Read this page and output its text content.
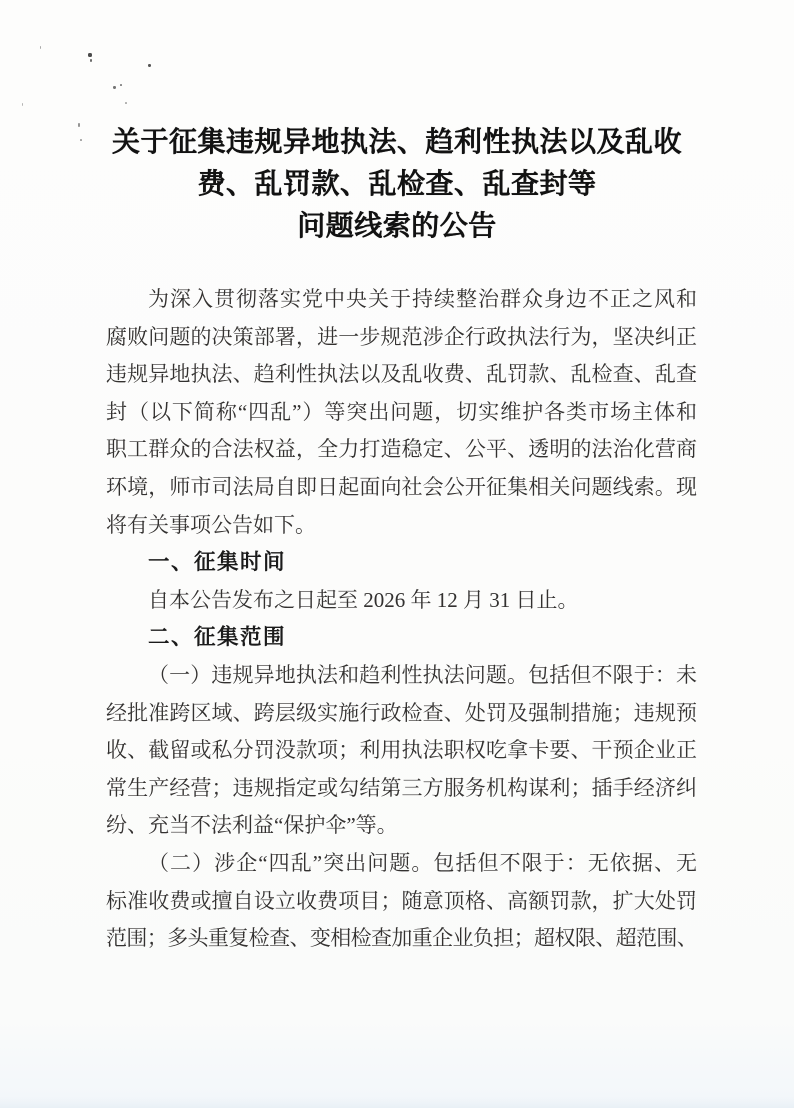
关于征集违规异地执法、趋利性执法以及乱收
费、乱罚款、乱检查、乱查封等
问题线索的公告
为深入贯彻落实党中央关于持续整治群众身边不正之风和
腐败问题的决策部署，进一步规范涉企行政执法行为，坚决纠正
违规异地执法、趋利性执法以及乱收费、乱罚款、乱检查、乱查
封（以下简称“四乱”）等突出问题，切实维护各类市场主体和
职工群众的合法权益，全力打造稳定、公平、透明的法治化营商
环境，师市司法局自即日起面向社会公开征集相关问题线索。现
将有关事项公告如下。
一、征集时间
自本公告发布之日起至 2026 年 12 月 31 日止。
二、征集范围
（一）违规异地执法和趋利性执法问题。包括但不限于：未
经批准跨区域、跨层级实施行政检查、处罚及强制措施；违规预
收、截留或私分罚没款项；利用执法职权吃拿卡要、干预企业正
常生产经营；违规指定或勾结第三方服务机构谋利；插手经济纠
纷、充当不法利益“保护伞”等。
（二）涉企“四乱”突出问题。包括但不限于：无依据、无
标准收费或擅自设立收费项目；随意顶格、高额罚款，扩大处罚
范围；多头重复检查、变相检查加重企业负担；超权限、超范围、
